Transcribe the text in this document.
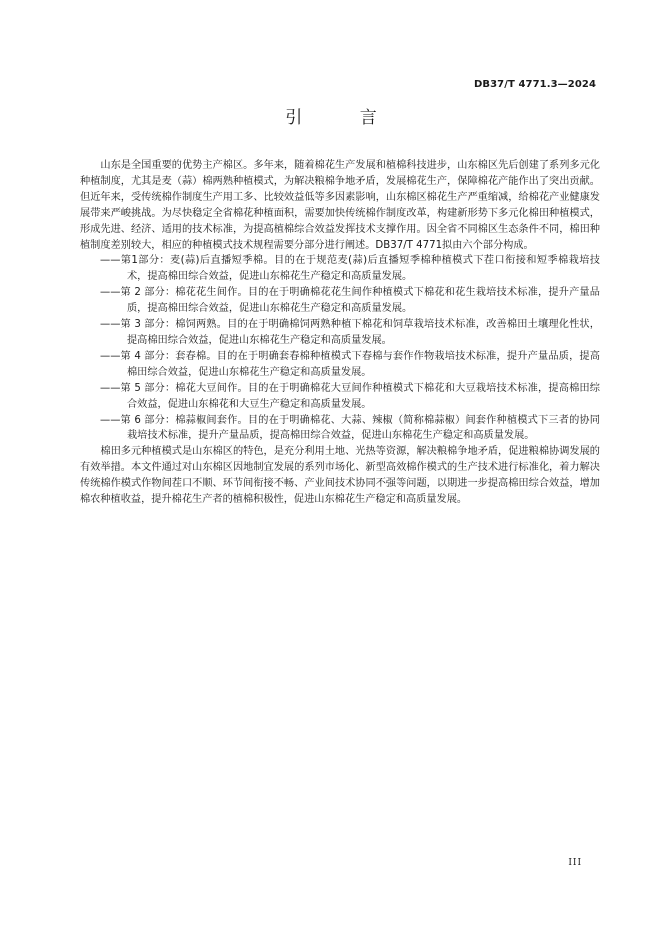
DB37/T 4771.3—2024
引 言

山东是全国重要的优势主产棉区。多年来，随着棉花生产发展和植棉科技进步，山东棉区先后创建了系列多元化种植制度，尤其是麦（蒜）棉两熟种植模式，为解决粮棉争地矛盾，发展棉花生产，保障棉花产能作出了突出贡献。但近年来，受传统棉作制度生产用工多、比较效益低等多因素影响，山东棉区棉花生产严重缩减，给棉花产业健康发展带来严峻挑战。为尽快稳定全省棉花种植面积，需要加快传统棉作制度改革，构建新形势下多元化棉田种植模式，形成先进、经济、适用的技术标准，为提高植棉综合效益发挥技术支撑作用。因全省不同棉区生态条件不同，棉田种植制度差别较大，相应的种植模式技术规程需要分部分进行阐述。DB37/T 4771拟由六个部分构成。

——第1部分：麦(蒜)后直播短季棉。目的在于规范麦(蒜)后直播短季棉种植模式下茬口衔接和短季棉栽培技术，提高棉田综合效益，促进山东棉花生产稳定和高质量发展。

——第 2 部分：棉花花生间作。目的在于明确棉花花生间作种植模式下棉花和花生栽培技术标准，提升产量品质，提高棉田综合效益，促进山东棉花生产稳定和高质量发展。

——第 3 部分：棉饲两熟。目的在于明确棉饲两熟种植下棉花和饲草栽培技术标准，改善棉田土壤理化性状，提高棉田综合效益，促进山东棉花生产稳定和高质量发展。

——第 4 部分：套春棉。目的在于明确套春棉种植模式下春棉与套作作物栽培技术标准，提升产量品质，提高棉田综合效益，促进山东棉花生产稳定和高质量发展。

——第 5 部分：棉花大豆间作。目的在于明确棉花大豆间作种植模式下棉花和大豆栽培技术标准，提高棉田综合效益，促进山东棉花和大豆生产稳定和高质量发展。

——第 6 部分：棉蒜椒间套作。目的在于明确棉花、大蒜、辣椒（简称棉蒜椒）间套作种植模式下三者的协同栽培技术标准，提升产量品质，提高棉田综合效益，促进山东棉花生产稳定和高质量发展。

棉田多元种植模式是山东棉区的特色，是充分利用土地、光热等资源，解决粮棉争地矛盾，促进粮棉协调发展的有效举措。本文件通过对山东棉区因地制宜发展的系列市场化、新型高效棉作模式的生产技术进行标准化，着力解决传统棉作模式作物间茬口不顺、环节间衔接不畅、产业间技术协同不强等问题，以期进一步提高棉田综合效益，增加棉农种植收益，提升棉花生产者的植棉积极性，促进山东棉花生产稳定和高质量发展。

III
